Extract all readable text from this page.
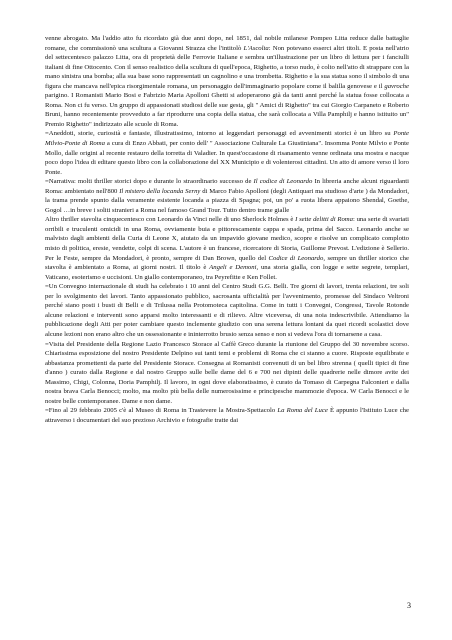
venne abrogato. Ma l'addio atto fu ricordato già due anni dopo, nel 1851, dal nobile milanese Pompeo Litta reduce dalle battaglie romane, che commissionò una scultura a Giovanni Strazza che l'intitolò L'Ascolta: Non potevano esserci altri titoli. E posta nell'atrio del settecentesco palazzo Litta, ora di proprietà delle Ferrovie Italiane e sembra un'illustrazione per un libro di lettura per i fanciulli italiani di fine Ottocento. Con il senso realistico della scultura di quell'epoca, Righetto, a torso nudo, è colto nell'atto di strappare con la mano sinistra una bomba; alla sua base sono rappresentati un cagnolino e una trombetta. Righetto e la sua statua sono il simbolo di una figura che mancava nell'epica risorgimentale romana, un personaggio dell'immaginario popolare come il balilla genovese e il gavroche parigino. I Romanisti Mario Bosi e Fabrizio Maria Apolloni Ghetti si adoperarono già da tanti anni perché la statua fosse collocata a Roma. Non ci fu verso. Un gruppo di appassionati studiosi delle sue gesta, gli " Amici di Righetto" tra cui Giorgio Carpaneto e Roberto Bruni, hanno recentemente provveduto a far riprodurre una copia della statua, che sarà collocata a Villa Pamphilj e hanno istituito un" Premio Righetto" indirizzato alle scuole di Roma.

=Aneddoti, storie, curiosità e fantasie, illustratissimo, intorno ai leggendari personaggi ed avvenimenti storici è un libro su Ponte Milvio-Ponte di Roma a cura di Enzo Abbati, per conto dell' " Associazione Culturale La Giustiniana". Insomma Ponte Milvio e Ponte Mollo, dalle origini al recente restauro della torretta di Valadier. In quest'occasione di risanamento venne ordinata una mostra e nacque poco dopo l'idea di editare questo libro con la collaborazione del XX Municipio e di volenterosi cittadini. Un atto di amore verso il loro Ponte.

=Narrativa: molti thriller storici dopo e durante lo straordinario successo de Il codice di Leonardo In libreria anche alcuni riguardanti Roma: ambientato nell'800 Il mistero della locanda Serny di Marco Fabio Apolloni (degli Antiquari ma studioso d'arte ) da Mondadori, la trama prende spunto dalla veramente esistente locanda a piazza di Spagna; poi, un po' a ruota libera appaiono Shendal, Goethe, Gogol …in breve i soliti stranieri a Roma nel famoso Grand Tour. Tutto dentro trame gialle

Altro thriller stavolta cinquecentesco con Leonardo da Vinci nelle di uno Sherlock Holmes è I sette delitti di Roma: una serie di svariati orribili e truculenti omicidi in una Roma, ovviamente buia e pittorescamente cappa e spada, prima del Sacco. Leonardo anche se malvisto dagli ambienti della Curia di Leone X, aiutato da un impavido giovane medico, scopre e risolve un complicato complotto misto di politica, eresie, vendette, colpi di scena. L'autore è un francese, ricercatore di Storia, Guillome Prevost. L'edizione è Sellerio. Per le Feste, sempre da Mondadori, è pronto, sempre di Dan Brown, quello del Codice di Leonardo, sempre un thriller storico che stavolta è ambientato a Roma, ai giorni nostri. Il titolo è Angeli e Demoni, una storia gialla, con logge e sette segrete, templari, Vaticano, esoterismo e uccisioni. Un giallo contemporaneo, tra Peyrefitte e Ken Follet.

=Un Convegno internazionale di studi ha celebrato i 10 anni del Centro Studi G.G. Belli. Tre giorni di lavori, trenta relazioni, tre soli per lo svolgimento dei lavori. Tanto appassionato pubblico, sacrosanta ufficialità per l'avvenimento, promesse del Sindaco Veltroni perché siano posti i busti di Belli e di Trilussa nella Protomoteca capitolina. Come in tutti i Convegni, Congressi, Tavole Rotonde alcune relazioni e interventi sono apparsi molto interessanti e di rilievo. Altre viceversa, di una noia indescrivibile. Attendiamo la pubblicazione degli Atti per poter cambiare questo inclemente giudizio con una serena lettura lontani da quei ricordi scolastici dove alcune lezioni non erano altro che un ossessionante e ininterrotto brusio senza senso e non si vedeva l'ora di tornarsene a casa.

=Visita del Presidente della Regione Lazio Francesco Storace al Caffè Greco durante la riunione del Gruppo del 30 novembre scorso. Chiarissima esposizione del nostro Presidente Delpino sui tanti temi e problemi di Roma che ci stanno a cuore. Risposte equilibrate e abbastanza promettenti da parte del Presidente Storace. Consegna ai Romanisti convenuti di un bel libro strenna ( quelli tipici di fine d'anno ) curato dalla Regione e dal nostro Gruppo sulle belle dame del 6 e 700 nei dipinti delle quadrerie nelle dimore avite dei Massimo, Chigi, Colonna, Doria Pamphilj. Il lavoro, in ogni dove elaboratissimo, è curato da Tomaso di Carpegna Falconieri e dalla nostra brava Carla Benocci; molto, ma molto più bella delle numerosissime e principesche mammozie d'epoca. W Carla Benocci e le nostre belle contemporanee. Dame e non dame.

=Fino al 29 febbraio 2005 c'è al Museo di Roma in Trastevere la Mostra-Spettacolo La Roma del Luce È appunto l'Istituto Luce che attraverso i documentari del suo prezioso Archivio e fotografie tratte dai

3
